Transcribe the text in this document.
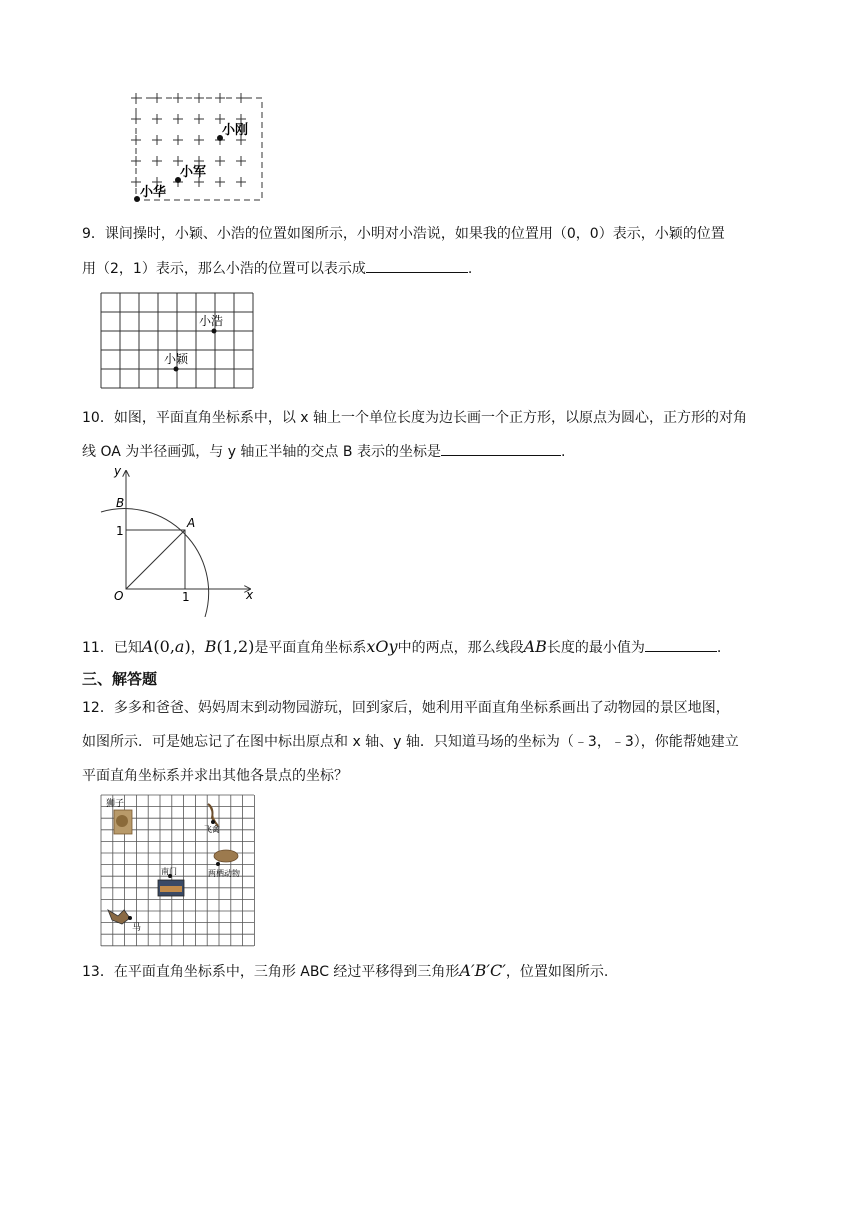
小刚
小军
小华
9．课间操时，小颖、小浩的位置如图所示，小明对小浩说，如果我的位置用（0，0）表示，小颖的位置
用（2，1）表示，那么小浩的位置可以表示成	.
小浩
小颖
10．如图，平面直角坐标系中，以 x 轴上一个单位长度为边长画一个正方形，以原点为圆心，正方形的对角
线 OA 为半径画弧，与 y 轴正半轴的交点 B 表示的坐标是	.
y
x
B
A
O
1
1
11．已知A(0,a)，B(1,2)是平面直角坐标系xOy中的两点，那么线段AB长度的最小值为	.
三、解答题
12．多多和爸爸、妈妈周末到动物园游玩，回到家后，她利用平面直角坐标系画出了动物园的景区地图，
如图所示．可是她忘记了在图中标出原点和 x 轴、y 轴．只知道马场的坐标为（﹣3，﹣3），你能帮她建立
平面直角坐标系并求出其他各景点的坐标？
狮子
飞禽
两栖动物
南门
马
13．在平面直角坐标系中，三角形 ABC 经过平移得到三角形A′B′C′，位置如图所示.
